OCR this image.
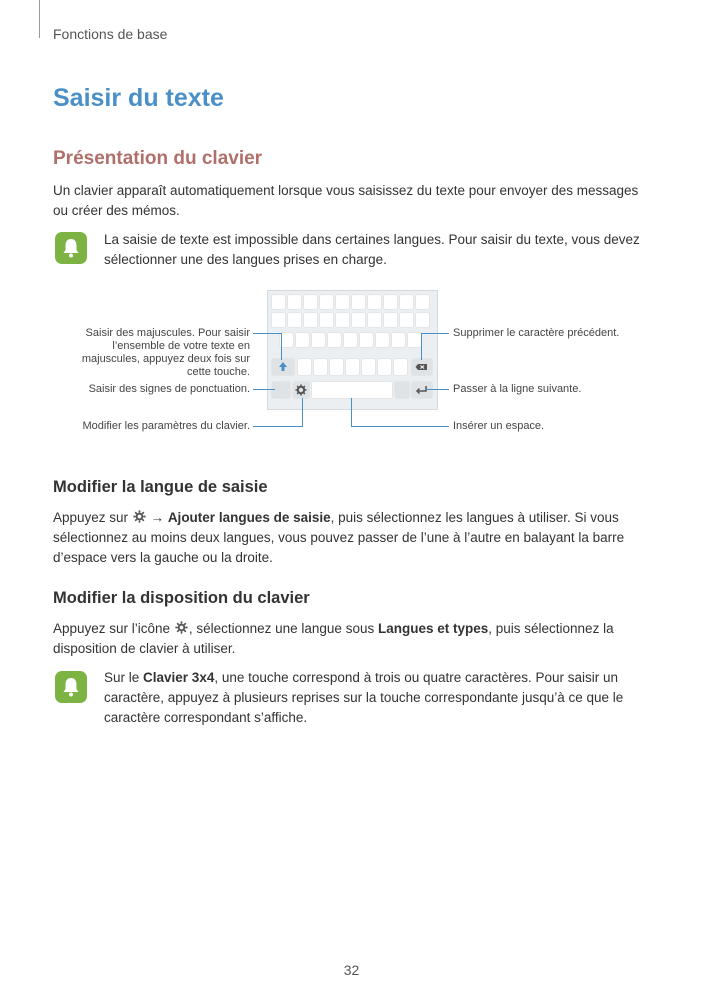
Fonctions de base
Saisir du texte
Présentation du clavier

Un clavier apparaît automatiquement lorsque vous saisissez du texte pour envoyer des messages ou créer des mémos.

La saisie de texte est impossible dans certaines langues. Pour saisir du texte, vous devez sélectionner une des langues prises en charge.

Saisir des majuscules. Pour saisir l’ensemble de votre texte en majuscules, appuyez deux fois sur cette touche.
Saisir des signes de ponctuation.
Modifier les paramètres du clavier.
Supprimer le caractère précédent.
Passer à la ligne suivante.
Insérer un espace.
Modifier la langue de saisie

Appuyez sur  → Ajouter langues de saisie, puis sélectionnez les langues à utiliser. Si vous sélectionnez au moins deux langues, vous pouvez passer de l’une à l’autre en balayant la barre d’espace vers la gauche ou la droite.

Modifier la disposition du clavier

Appuyez sur l’icône , sélectionnez une langue sous Langues et types, puis sélectionnez la disposition de clavier à utiliser.

Sur le Clavier 3x4, une touche correspond à trois ou quatre caractères. Pour saisir un caractère, appuyez à plusieurs reprises sur la touche correspondante jusqu’à ce que le caractère correspondant s’affiche.

32
